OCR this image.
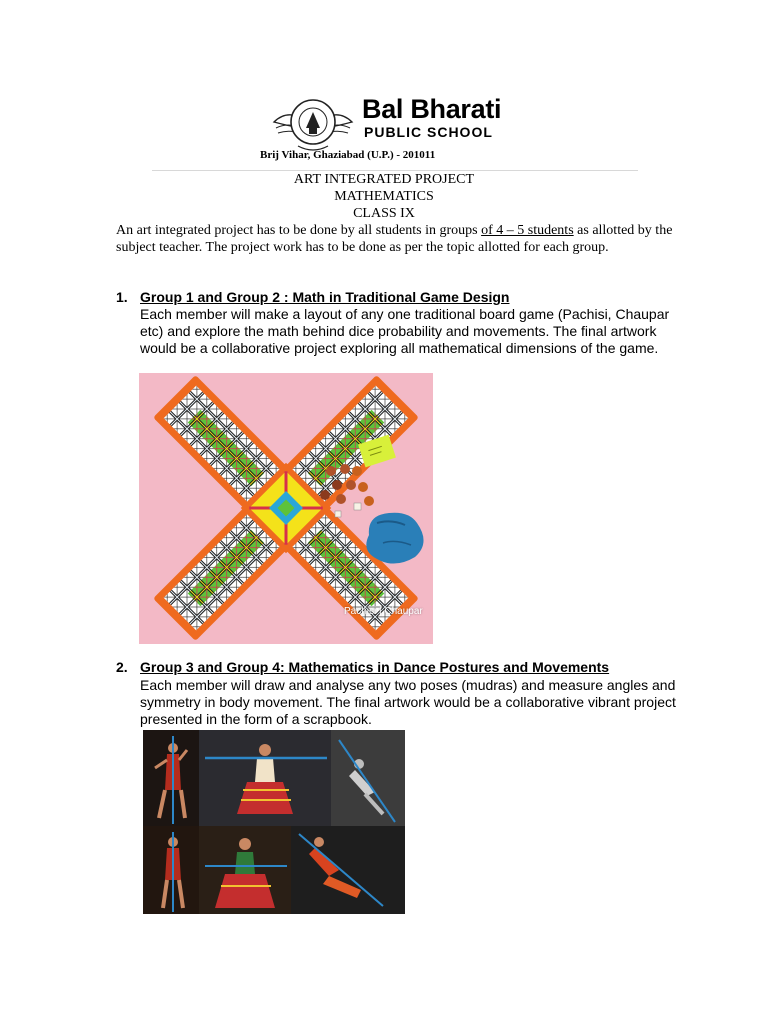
Bal Bharati
PUBLIC SCHOOL
Brij Vihar, Ghaziabad (U.P.) - 201011
ART INTEGRATED PROJECT
MATHEMATICS
CLASS IX
An art integrated project has to be done by all students in groups of 4 – 5 students as allotted by the subject teacher. The project work has to be done as per the topic allotted for each group.
1. Group 1 and Group 2 : Math in Traditional Game Design
Each member will make a layout of any one traditional board game (Pachisi, Chaupar etc) and explore the math behind dice probability and movements. The final artwork would be a collaborative project exploring all mathematical dimensions of the game.
Pachisi | Chaupar
2. Group 3 and Group 4: Mathematics in Dance Postures and Movements
Each member will draw and analyse any two poses (mudras) and measure angles and symmetry in body movement. The final artwork would be a collaborative vibrant project presented in the form of a scrapbook.
